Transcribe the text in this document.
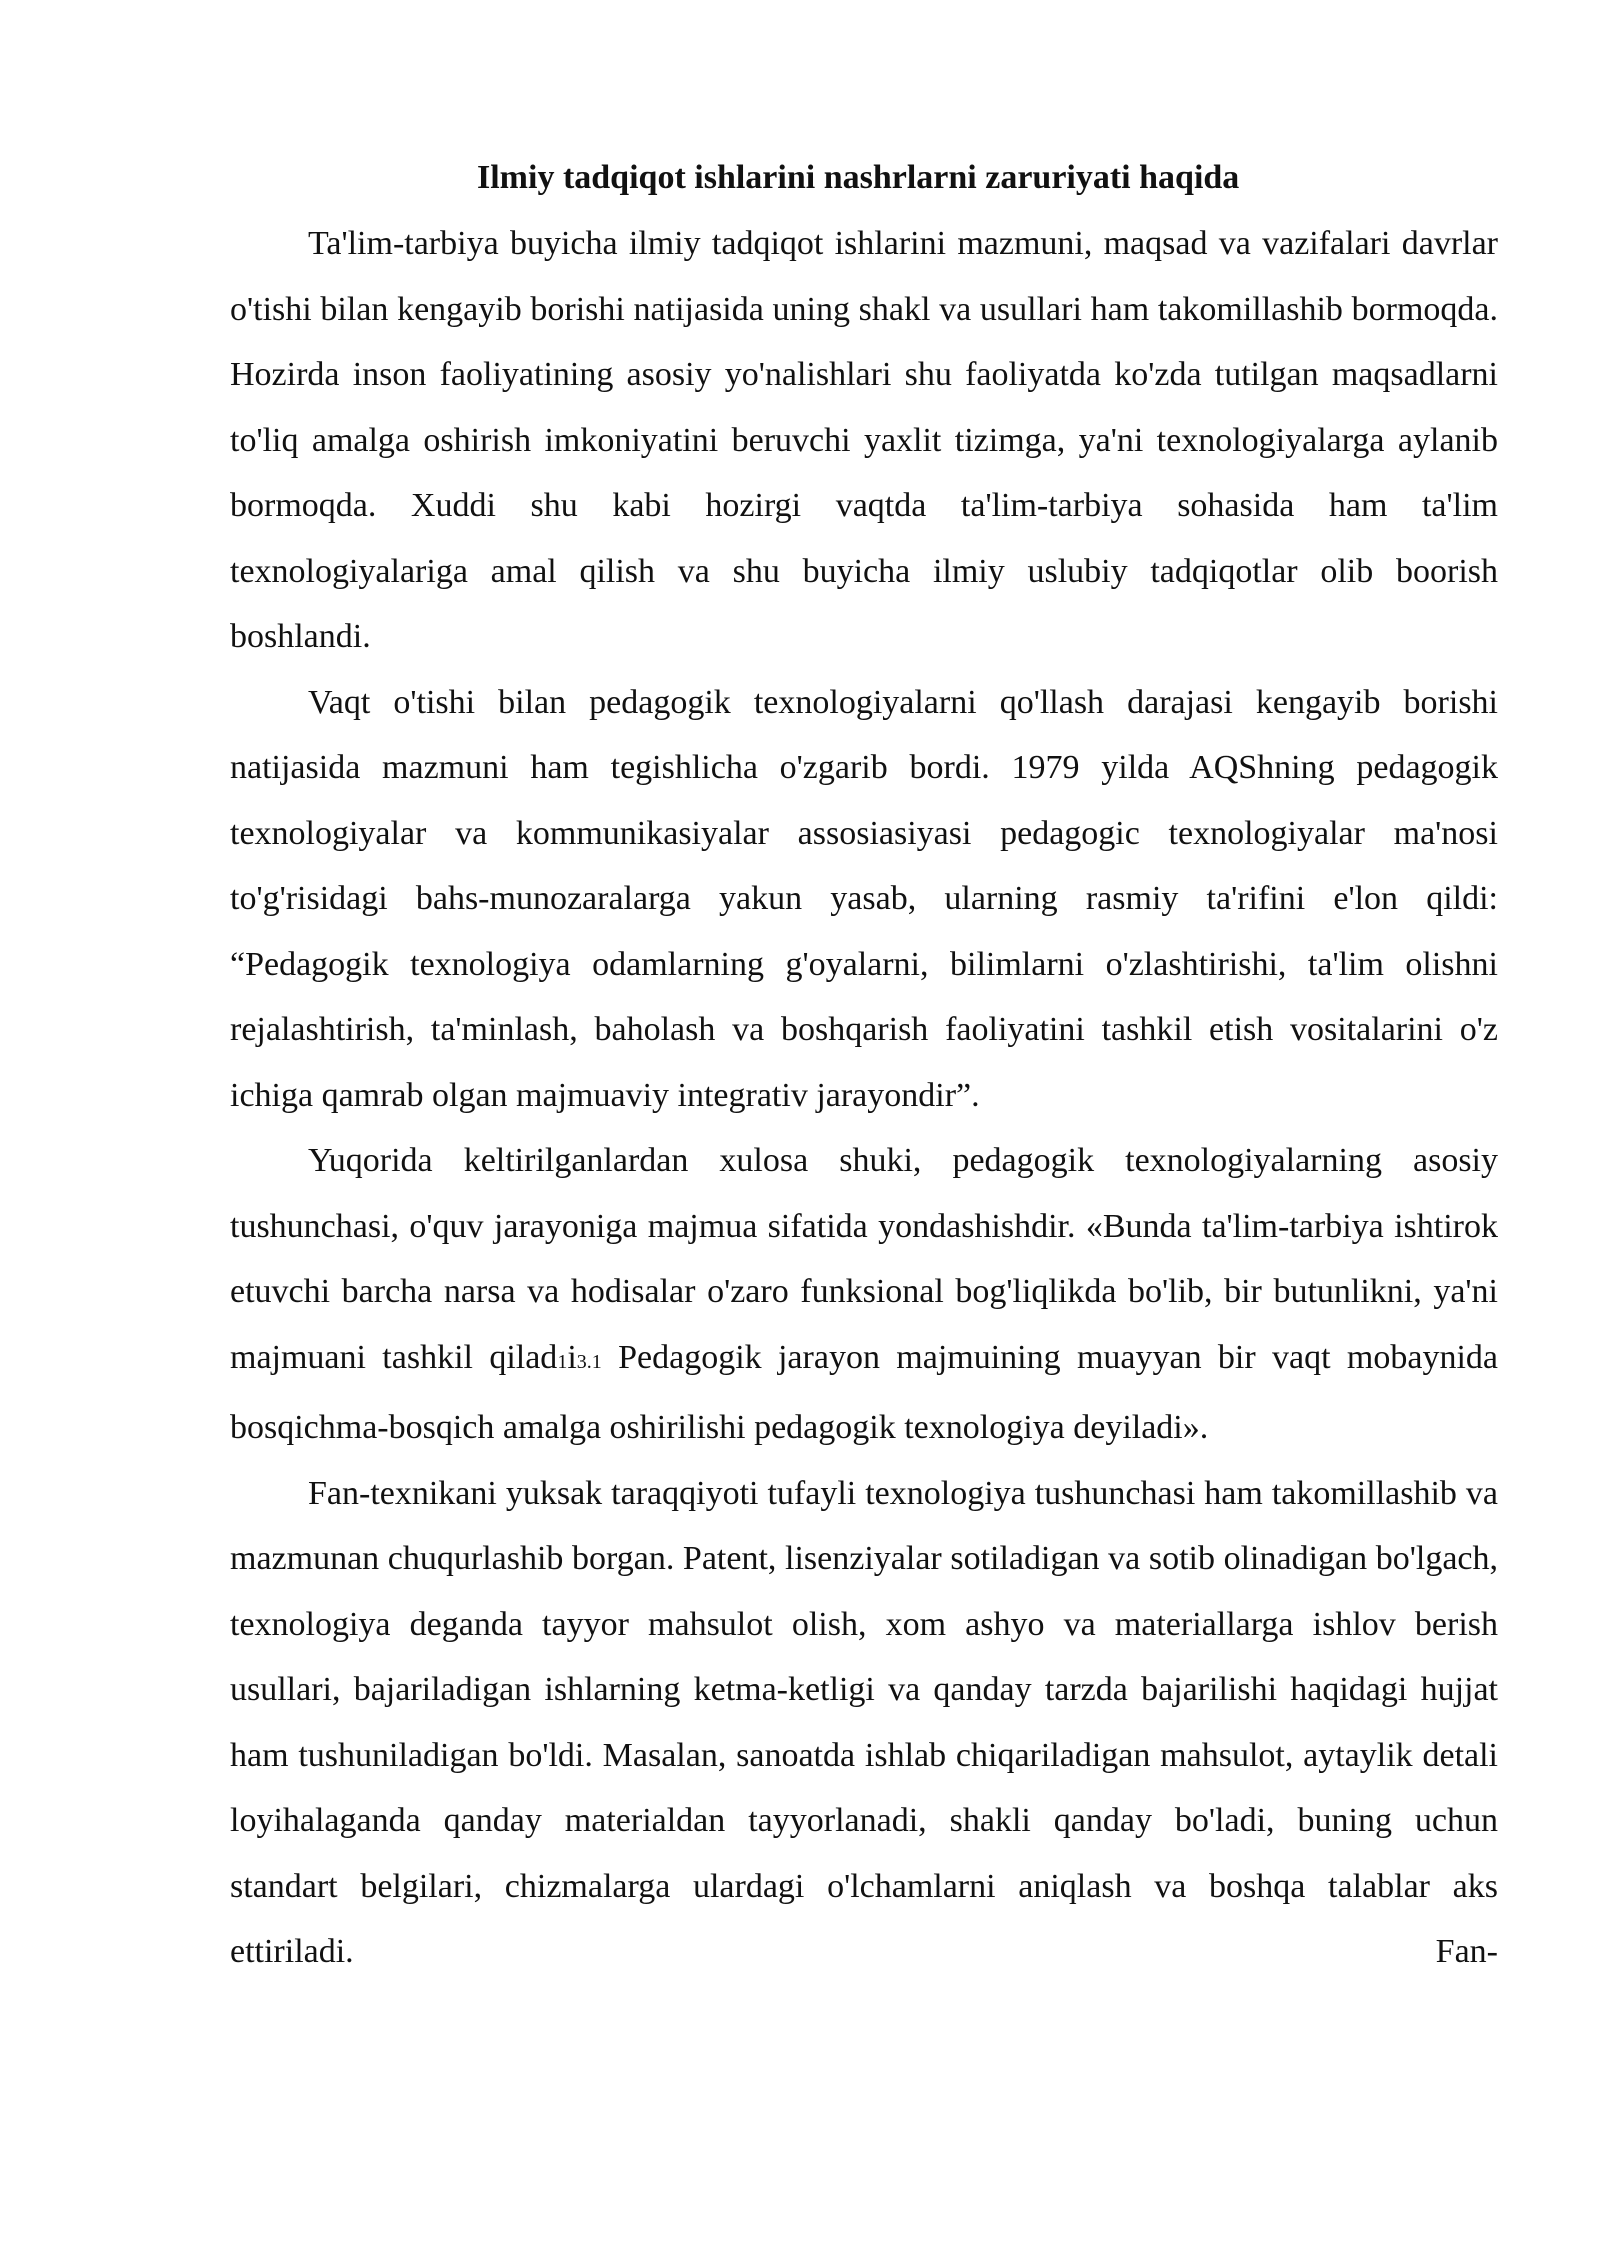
Ilmiy tadqiqot ishlarini nashrlarni zaruriyati haqida

Ta'lim-tarbiya buyicha ilmiy tadqiqot ishlarini mazmuni, maqsad va vazifalari davrlar o'tishi bilan kengayib borishi natijasida uning shakl va usullari ham takomillashib bormoqda. Hozirda inson faoliyatining asosiy yo'nalishlari shu faoliyatda ko'zda tutilgan maqsadlarni to'liq amalga oshirish imkoniyatini beruvchi yaxlit tizimga, ya'ni texnologiyalarga aylanib bormoqda. Xuddi shu kabi hozirgi vaqtda ta'lim-tarbiya sohasida ham ta'lim texnologiyalariga amal qilish va shu buyicha ilmiy uslubiy tadqiqotlar olib boorish boshlandi.

Vaqt o'tishi bilan pedagogik texnologiyalarni qo'llash darajasi kengayib borishi natijasida mazmuni ham tegishlicha o'zgarib bordi. 1979 yilda AQShning pedagogik texnologiyalar va kommunikasiyalar assosiasiyasi pedagogic texnologiyalar ma'nosi to'g'risidagi bahs-munozaralarga yakun yasab, ularning rasmiy ta'rifini e'lon qildi: “Pedagogik texnologiya odamlarning g'oyalarni, bilimlarni o'zlashtirishi, ta'lim olishni rejalashtirish, ta'minlash, baholash va boshqarish faoliyatini tashkil etish vositalarini o'z ichiga qamrab olgan majmuaviy integrativ jarayondir”.

Yuqorida keltirilganlardan xulosa shuki, pedagogik texnologiyalarning asosiy tushunchasi, o'quv jarayoniga majmua sifatida yondashishdir. «Bunda ta'lim-tarbiya ishtirok etuvchi barcha narsa va hodisalar o'zaro funksional bog'liqlikda bo'lib, bir butunlikni, ya'ni majmuani tashkil qilad1i3.1 Pedagogik jarayon majmuining muayyan bir vaqt mobaynida bosqichma-bosqich amalga oshirilishi pedagogik texnologiya deyiladi».

Fan-texnikani yuksak taraqqiyoti tufayli texnologiya tushunchasi ham takomillashib va mazmunan chuqurlashib borgan. Patent, lisenziyalar sotiladigan va sotib olinadigan bo'lgach, texnologiya deganda tayyor mahsulot olish, xom ashyo va materiallarga ishlov berish usullari, bajariladigan ishlarning ketma-ketligi va qanday tarzda bajarilishi haqidagi hujjat ham tushuniladigan bo'ldi. Masalan, sanoatda ishlab chiqariladigan mahsulot, aytaylik detali loyihalaganda qanday materialdan tayyorlanadi, shakli qanday bo'ladi, buning uchun standart belgilari, chizmalarga ulardagi o'lchamlarni aniqlash va boshqa talablar aks ettiriladi. Fan-
